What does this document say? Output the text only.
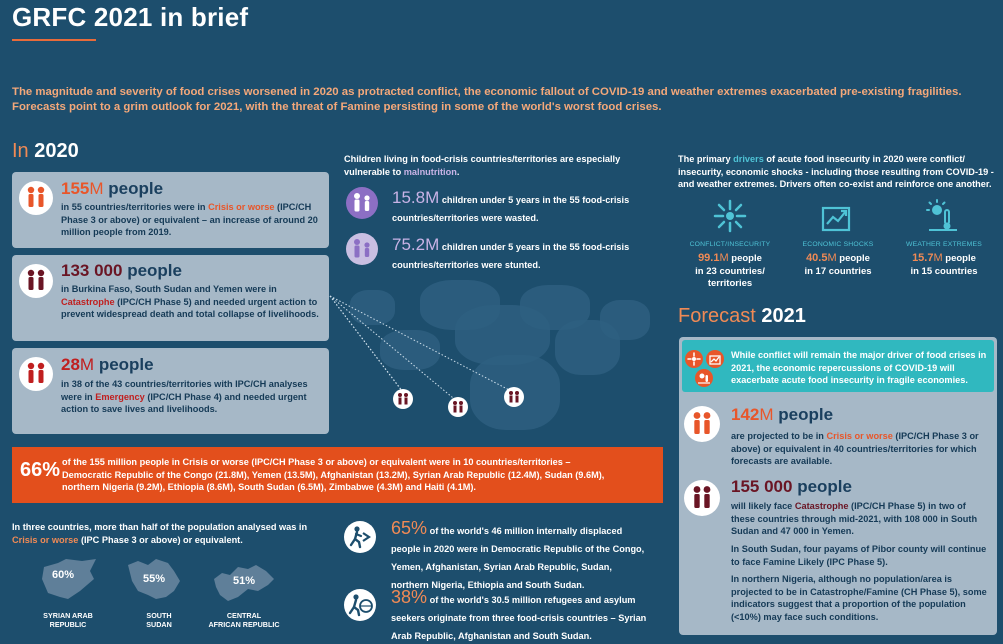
GRFC 2021 in brief
The magnitude and severity of food crises worsened in 2020 as protracted conflict, the economic fallout of COVID-19 and weather extremes exacerbated pre-existing fragilities.
Forecasts point to a grim outlook for 2021, with the threat of Famine persisting in some of the world's worst food crises.
In 2020
155M people
in 55 countries/territories were in Crisis or worse (IPC/CH Phase 3 or above) or equivalent – an increase of around 20 million people from 2019.
133 000 people
in Burkina Faso, South Sudan and Yemen were in Catastrophe (IPC/CH Phase 5) and needed urgent action to prevent widespread death and total collapse of livelihoods.
28M people
in 38 of the 43 countries/territories with IPC/CH analyses were in Emergency (IPC/CH Phase 4) and needed urgent action to save lives and livelihoods.
Children living in food-crisis countries/territories are especially vulnerable to malnutrition.
15.8M children under 5 years in the 55 food-crisis countries/territories were wasted.
75.2M children under 5 years in the 55 food-crisis countries/territories were stunted.
The primary drivers of acute food insecurity in 2020 were conflict/ insecurity, economic shocks - including those resulting from COVID-19 - and weather extremes. Drivers often co-exist and reinforce one another.
CONFLICT/INSECURITY
99.1M people
in 23 countries/ territories
ECONOMIC SHOCKS
40.5M people
in 17 countries
WEATHER EXTREMES
15.7M people
in 15 countries
Forecast 2021
While conflict will remain the major driver of food crises in 2021, the economic repercussions of COVID-19 will exacerbate acute food insecurity in fragile economies.
142M people
are projected to be in Crisis or worse (IPC/CH Phase 3 or above) or equivalent in 40 countries/territories for which forecasts are available.
155 000 people
will likely face Catastrophe (IPC/CH Phase 5) in two of these countries through mid-2021, with 108 000 in South Sudan and 47 000 in Yemen.
In South Sudan, four payams of Pibor county will continue to face Famine Likely (IPC Phase 5).
In northern Nigeria, although no population/area is projected to be in Catastrophe/Famine (CH Phase 5), some indicators suggest that a proportion of the population (<10%) may face such conditions.
66% of the 155 million people in Crisis or worse (IPC/CH Phase 3 or above) or equivalent were in 10 countries/territories –
Democratic Republic of the Congo (21.8M), Yemen (13.5M), Afghanistan (13.2M), Syrian Arab Republic (12.4M), Sudan (9.6M),
northern Nigeria (9.2M), Ethiopia (8.6M), South Sudan (6.5M), Zimbabwe (4.3M) and Haiti (4.1M).
In three countries, more than half of the population analysed was in Crisis or worse (IPC Phase 3 or above) or equivalent.
60%
SYRIAN ARAB
REPUBLIC
55%
SOUTH
SUDAN
51%
CENTRAL
AFRICAN REPUBLIC
65% of the world's 46 million internally displaced people in 2020 were in Democratic Republic of the Congo, Yemen, Afghanistan, Syrian Arab Republic, Sudan, northern Nigeria, Ethiopia and South Sudan.
38% of the world's 30.5 million refugees and asylum seekers originate from three food-crisis countries – Syrian Arab Republic, Afghanistan and South Sudan.
